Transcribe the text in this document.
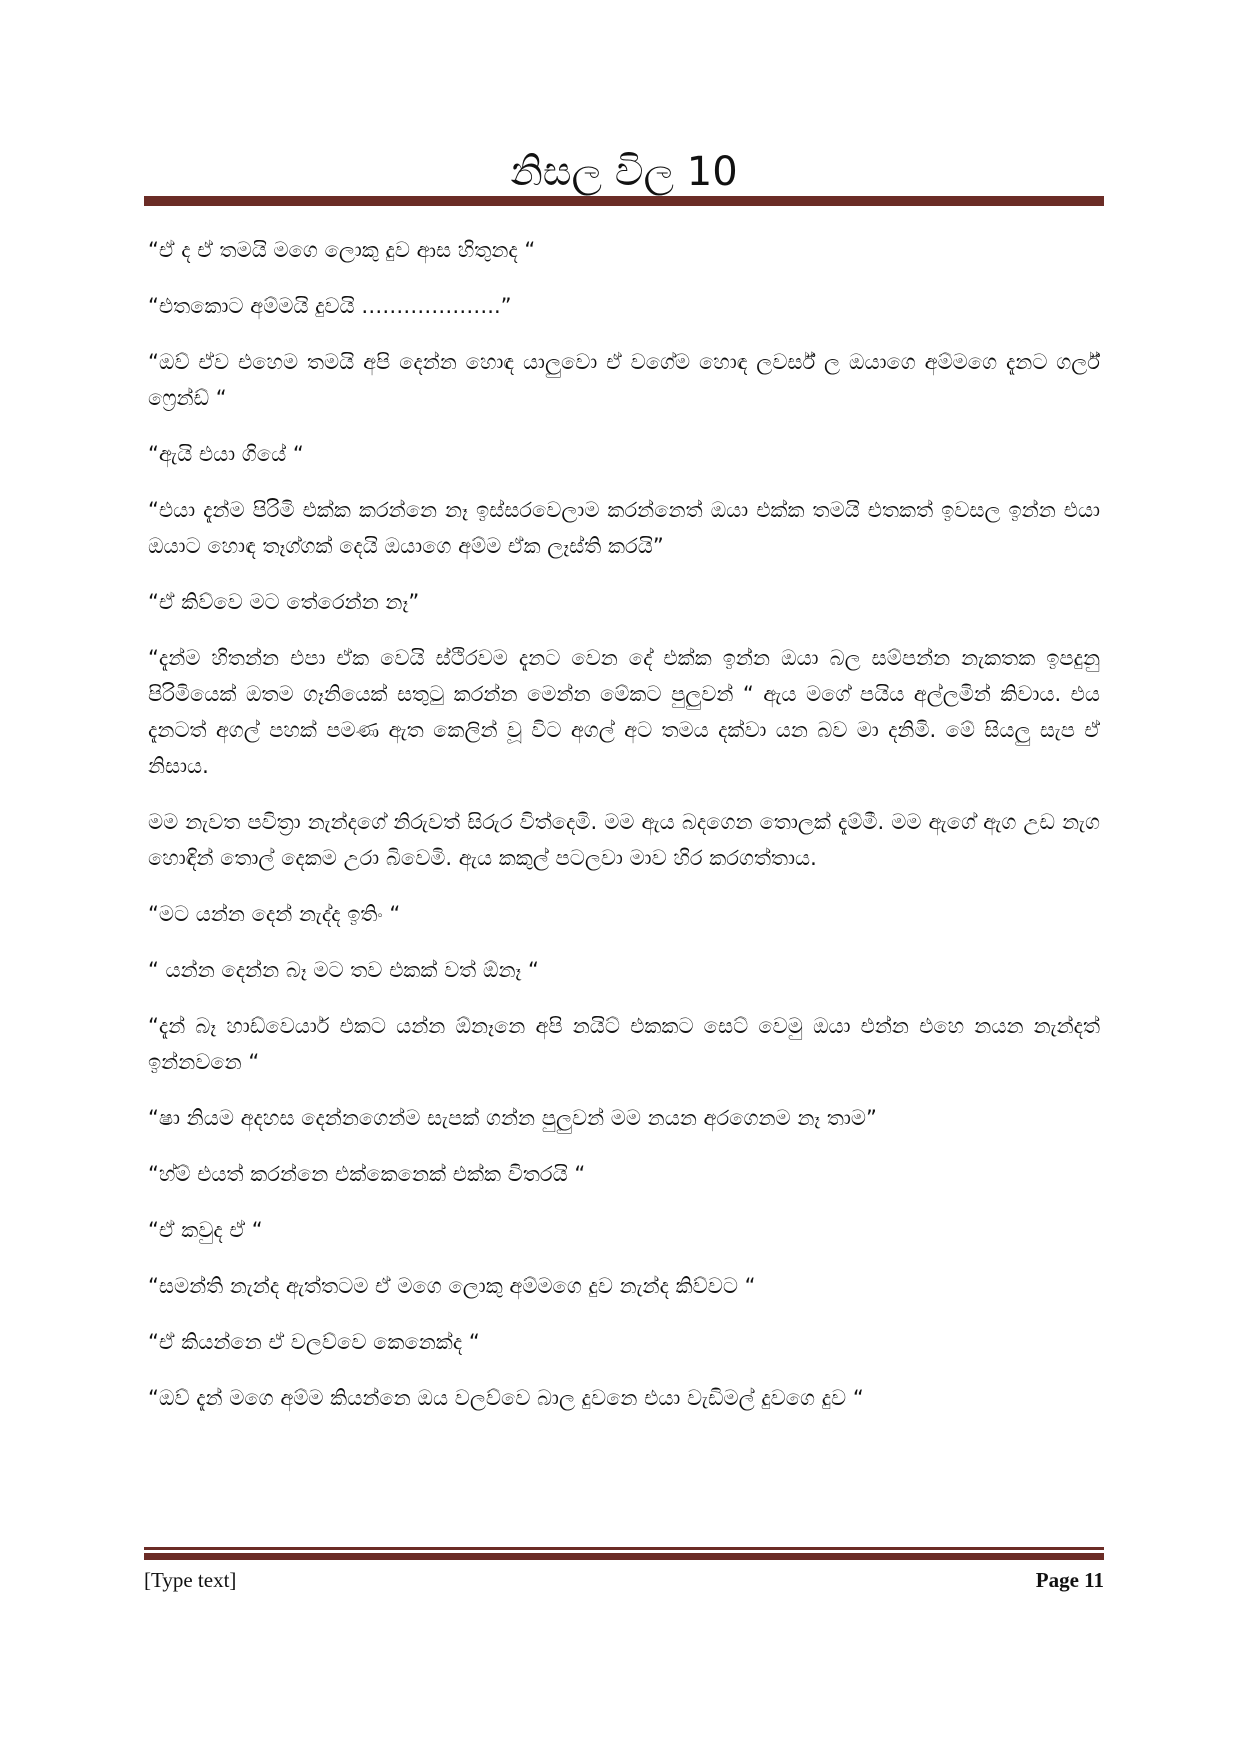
නිසල විල 10

“ඒ ද ඒ තමයි මගෙ ලොකු දුව ආස හිතුනද “

“එතකොට අම්මයි දුවයි ………………..”

“ඔව් ඒව එහෙම තමයි අපි දෙන්න හොඳ යාලුවො ඒ වගේම හොඳ ලවර්ස් ල ඔයාගෙ අම්මගෙ දැනට ගර්ල් ෆ්‍රෙන්ඩ් “

“ඇයි එයා ගියේ “

“එයා දැන්ම පිරිමි එක්ක කරන්නෙ නෑ ඉස්සරවෙලාම කරන්නෙත් ඔයා එක්ක තමයි එතකත් ඉවසල ඉන්න එයා ඔයාට හොඳ තෑග්ගක් දෙයි ඔයාගෙ අම්ම ඒක ලෑස්ති කරයි”

“ඒ කිව්වෙ මට තේරෙන්න නෑ”

“දැන්ම හිතන්න එපා ඒක වෙයි ස්ථිරවම දැනට වෙන දේ එක්ක ඉන්න ඔයා බල සම්පන්න නැකතක ඉපදුනු පිරිමියෙක් ඔතම ගෑනියෙක් සතුටු කරන්න මෙන්න මේකට පුලුවන් “ ඇය මගේ පයිය අල්ලමින් කිවාය. එය දැනටත් අගල් පහක් පමණ ඇත කෙලින් වූ විට අගල් අට තමය දක්වා යන බව මා දනිමි. මේ සියලු සැප ඒ නිසාය.

මම නැවත පවිත්‍රා නැන්දගේ නිරුවත් සිරුර විත්දෙමි. මම ඇය බදගෙන තොලක් දැම්මී. මම ඇගේ ඇග උඩ නැග හොඳින් තොල් දෙකම උරා බිවෙමි. ඇය කකුල් පටලවා මාව හිර කරගත්තාය.

“මට යන්න දෙන් නැද්ද ඉතිං “

“ යන්න දෙන්න බෑ මට තව එකක් වත් ඕනෑ “

“දැන් බෑ හාඩ්වෙයාර් එකට යන්න ඕනෑනෙ අපි නයිට් එකකට සෙට් වෙමු ඔයා එන්න එහෙ නයන නැන්දත් ඉන්නවනෙ “

“ෂා නියම අදහස දෙන්නගෙන්ම සැපක් ගන්න පුලුවන් මම නයන අරගෙනම නෑ තාම”

“හ්ම් එයත් කරන්නෙ එක්කෙනෙක් එක්ක විතරයි “

“ඒ කවුද ඒ “

“සමන්ති නැන්ද ඇත්තටම ඒ මගෙ ලොකු අම්මගෙ දුව නැන්ද කිව්වට “

“ඒ කියන්නෙ ඒ වලව්වෙ කෙනෙක්ද “

“ඔව් දැන් මගෙ අම්ම කියන්නෙ ඔය වලව්වෙ බාල දුවනෙ එයා වැඩිමල් දුවගෙ දුව “

[Type text]	Page 11
